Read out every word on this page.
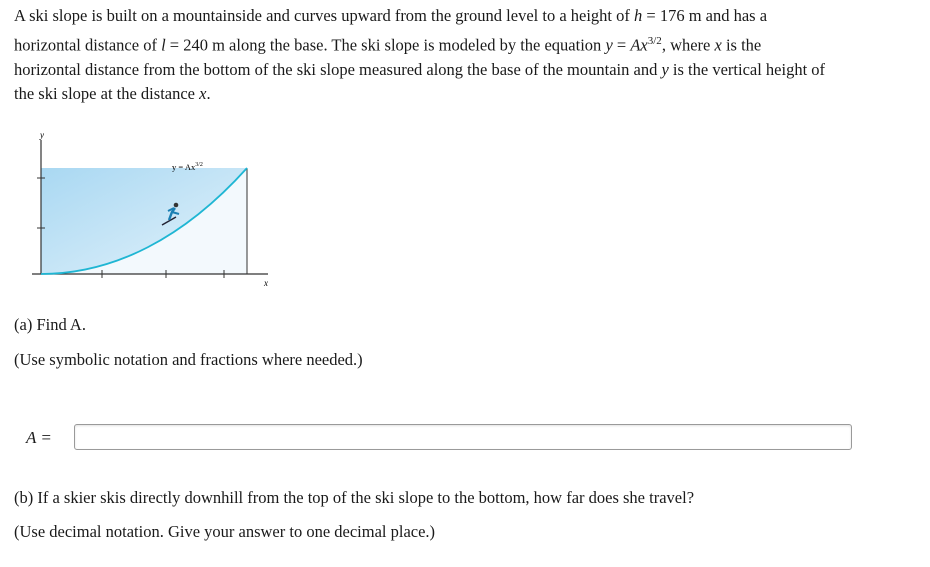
A ski slope is built on a mountainside and curves upward from the ground level to a height of h = 176 m and has a
horizontal distance of l = 240 m along the base. The ski slope is modeled by the equation $y = Ax^{3/2}$, where x is the
horizontal distance from the bottom of the ski slope measured along the base of the mountain and y is the vertical height of
the ski slope at the distance x.
y
x
$y = Ax^{3/2}$
(a) Find A.
(Use symbolic notation and fractions where needed.)
A =
(b) If a skier skis directly downhill from the top of the ski slope to the bottom, how far does she travel?
(Use decimal notation. Give your answer to one decimal place.)
